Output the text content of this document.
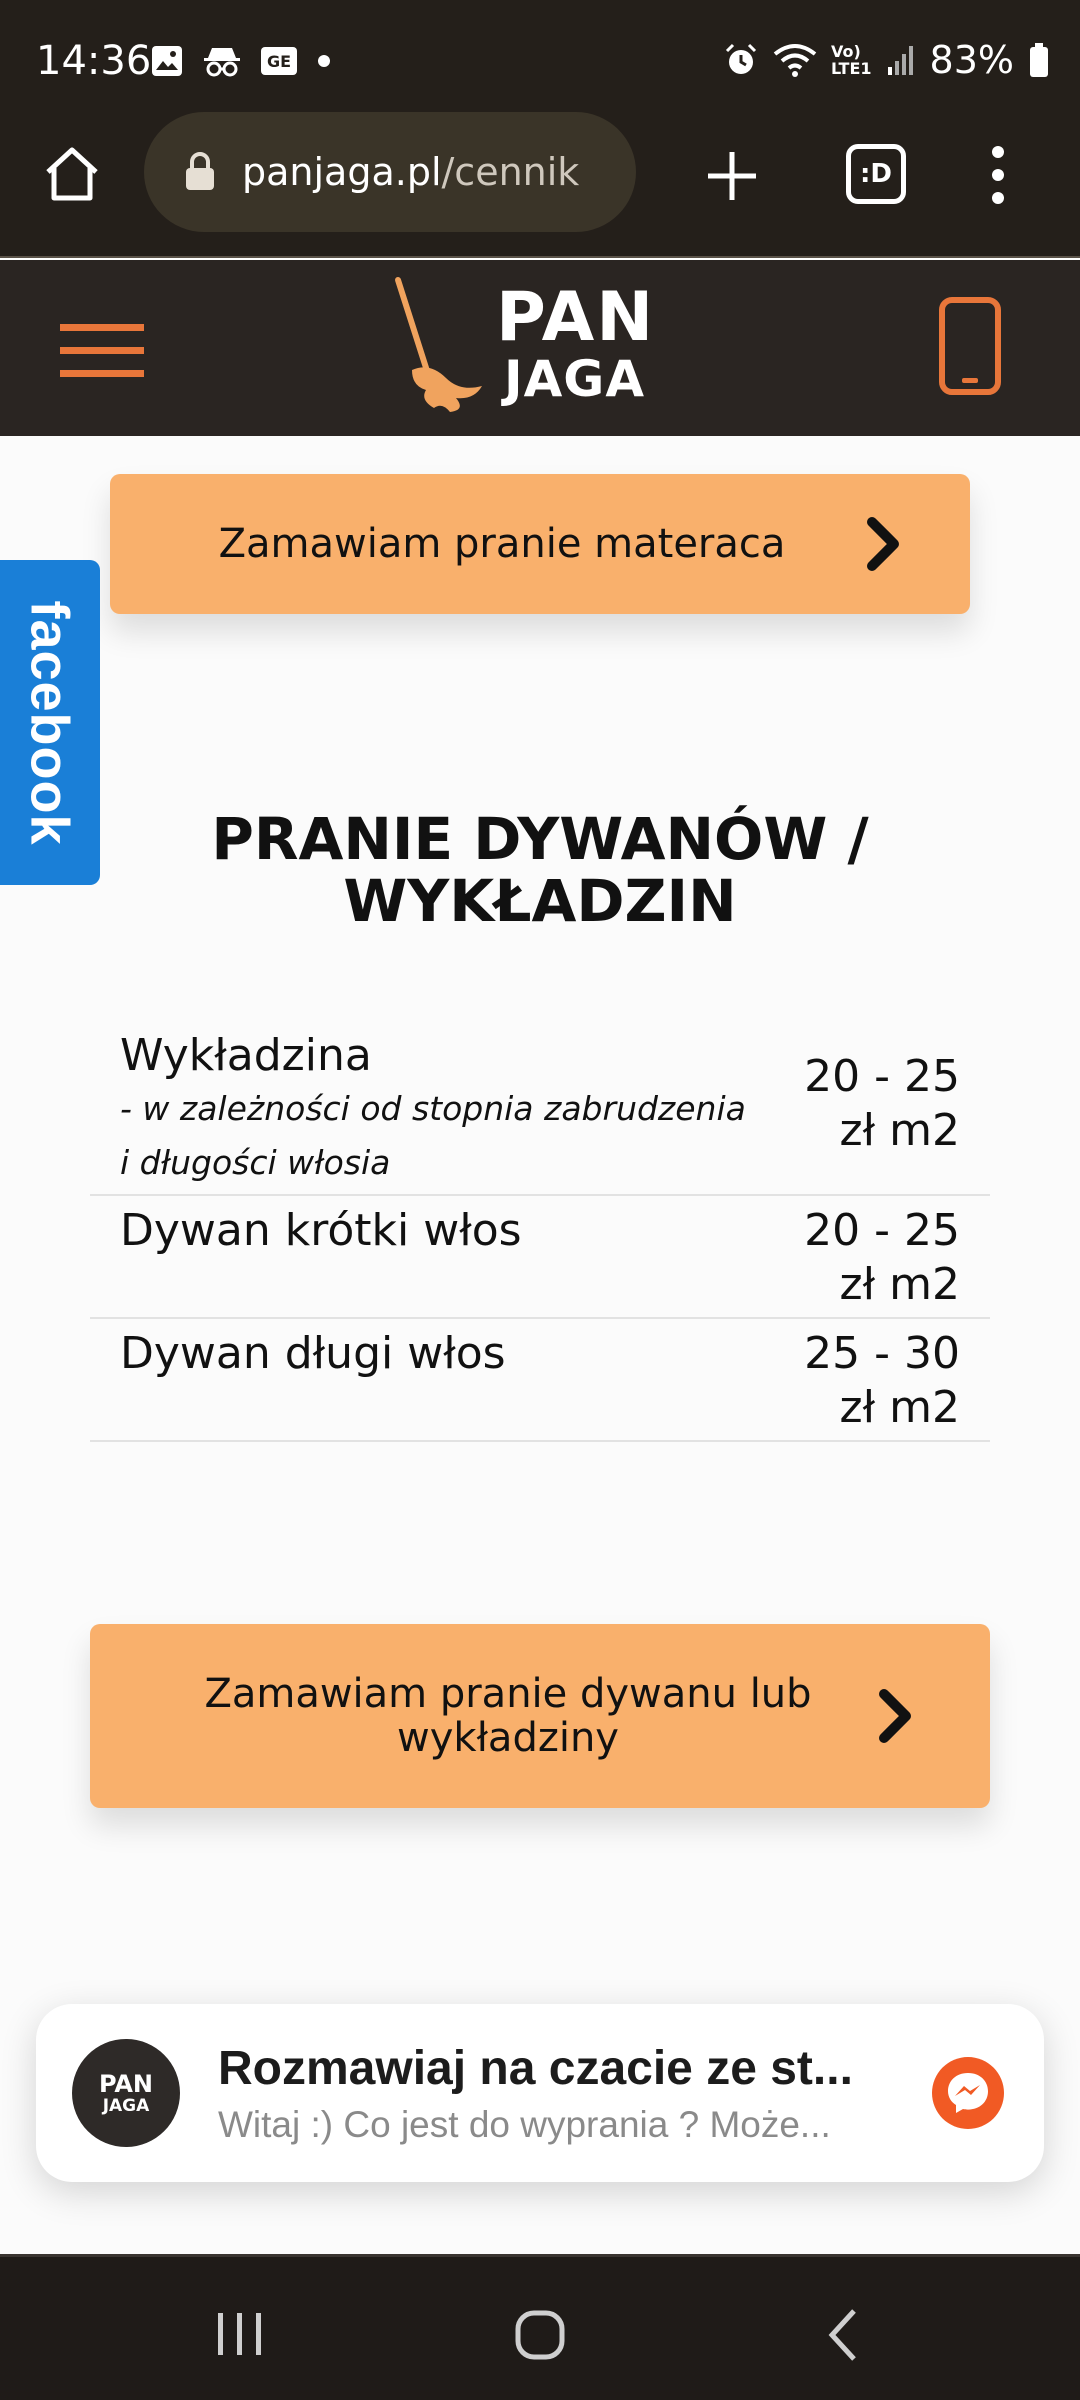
14:36	GE
Vo)
LTE1 83%
:D
panjaga.pl /cennik
PAN
JAGA
Zamawiam pranie materaca
facebook	PRANIE DYWANÓW / WYKŁADZIN
Wykładzina
- w zależności od stopnia zabrudzenia
i długości włosia
20 - 25
zł m2
Dywan krótki włos	20 - 25
zł m2
Dywan długi włos	25 - 30
zł m2
Zamawiam pranie dywanu lub wykładziny
PAN
JAGA
Rozmawiaj na czacie ze st...
Witaj :) Co jest do wyprania ? Może...
